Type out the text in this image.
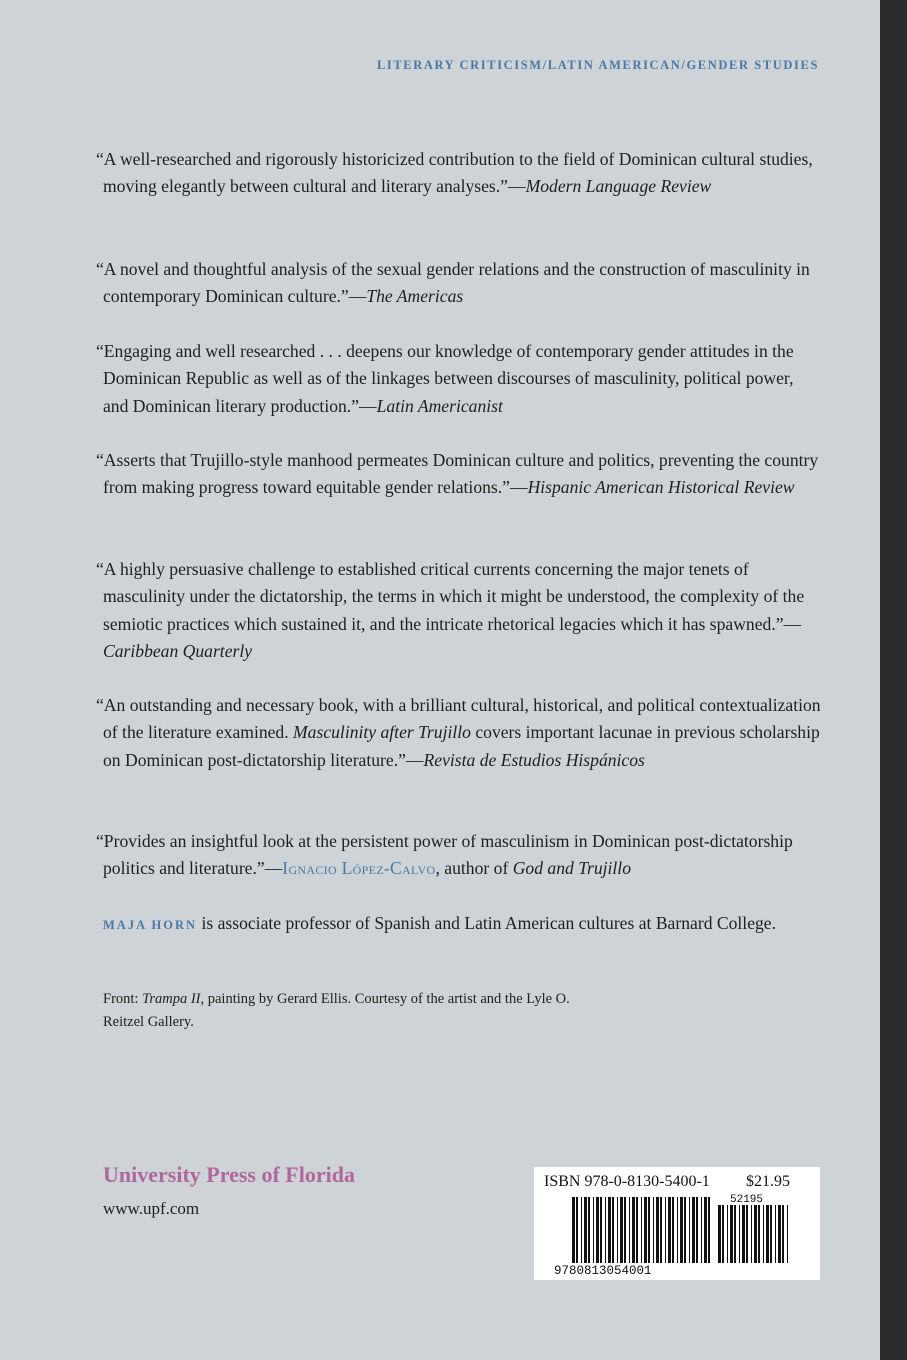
LITERARY CRITICISM/LATIN AMERICAN/GENDER STUDIES
“A well-researched and rigorously historicized contribution to the field of Dominican cultural studies, moving elegantly between cultural and literary analyses.”—Modern Language Review
“A novel and thoughtful analysis of the sexual gender relations and the construction of masculinity in contemporary Dominican culture.”—The Americas
“Engaging and well researched . . . deepens our knowledge of contemporary gender attitudes in the Dominican Republic as well as of the linkages between discourses of masculinity, political power, and Dominican literary production.”—Latin Americanist
“Asserts that Trujillo-style manhood permeates Dominican culture and politics, preventing the country from making progress toward equitable gender relations.”—Hispanic American Historical Review
“A highly persuasive challenge to established critical currents concerning the major tenets of masculinity under the dictatorship, the terms in which it might be understood, the complexity of the semiotic practices which sustained it, and the intricate rhetorical legacies which it has spawned.”—Caribbean Quarterly
“An outstanding and necessary book, with a brilliant cultural, historical, and political contextualization of the literature examined. Masculinity after Trujillo covers important lacunae in previous scholarship on Dominican post-dictatorship literature.”—Revista de Estudios Hispánicos
“Provides an insightful look at the persistent power of masculinism in Dominican post-dictatorship politics and literature.”—Ignacio López-Calvo, author of God and Trujillo
MAJA HORN is associate professor of Spanish and Latin American cultures at Barnard College.
Front: Trampa II, painting by Gerard Ellis. Courtesy of the artist and the Lyle O. Reitzel Gallery.
University Press of Florida
www.upf.com
ISBN 978-0-8130-5400-1 $21.95
9780813054001
52195
